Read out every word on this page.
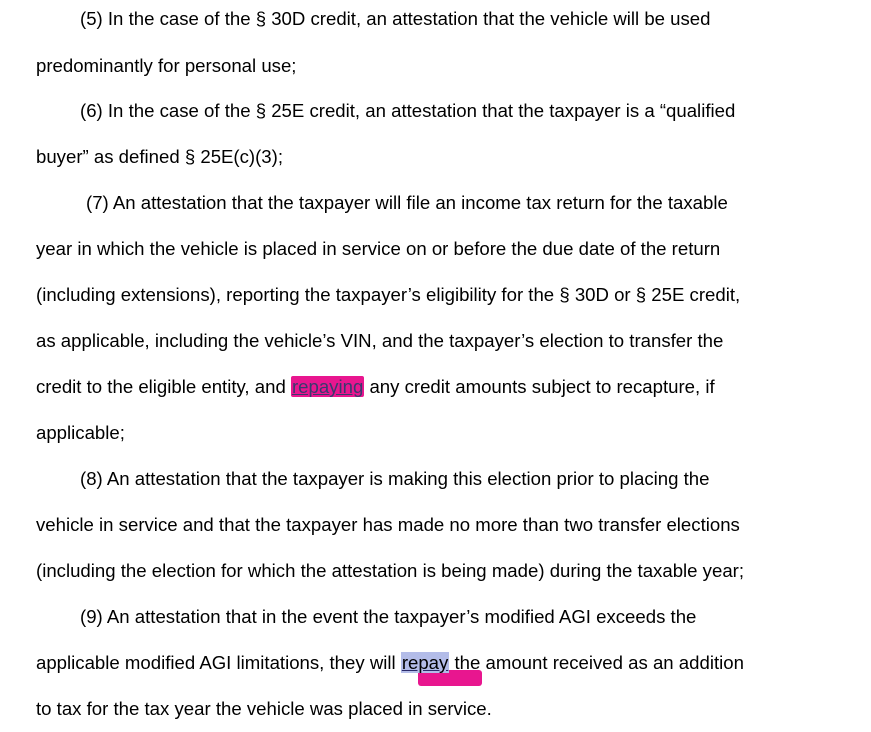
(5) In the case of the § 30D credit, an attestation that the vehicle will be used
predominantly for personal use;
(6) In the case of the § 25E credit, an attestation that the taxpayer is a “qualified
buyer” as defined § 25E(c)(3);
(7) An attestation that the taxpayer will file an income tax return for the taxable
year in which the vehicle is placed in service on or before the due date of the return
(including extensions), reporting the taxpayer’s eligibility for the § 30D or § 25E credit,
as applicable, including the vehicle’s VIN, and the taxpayer’s election to transfer the
credit to the eligible entity, and repaying any credit amounts subject to recapture, if
applicable;
(8) An attestation that the taxpayer is making this election prior to placing the
vehicle in service and that the taxpayer has made no more than two transfer elections
(including the election for which the attestation is being made) during the taxable year;
(9) An attestation that in the event the taxpayer’s modified AGI exceeds the
applicable modified AGI limitations, they will repay the amount received as an addition
to tax for the tax year the vehicle was placed in service.
